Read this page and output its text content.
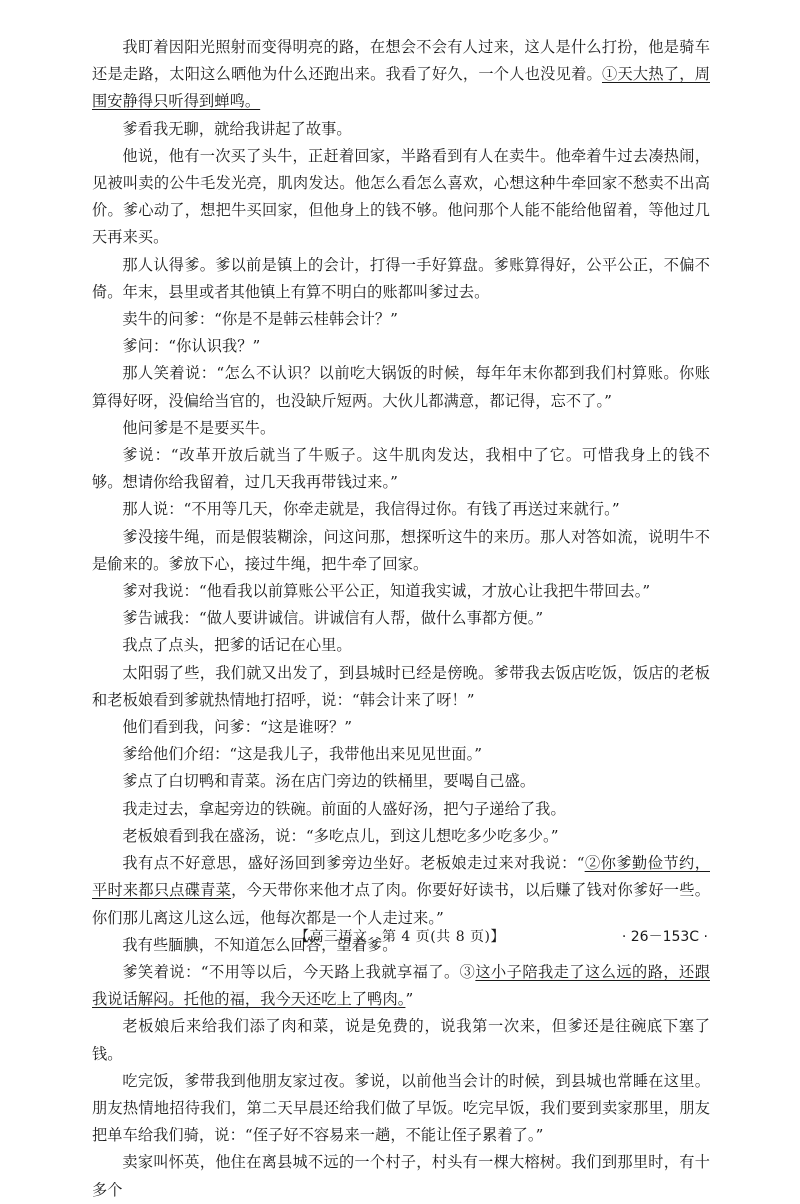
我盯着因阳光照射而变得明亮的路，在想会不会有人过来，这人是什么打扮，他是骑车还是走路，太阳这么晒他为什么还跑出来。我看了好久，一个人也没见着。①天大热了，周围安静得只听得到蝉鸣。

爹看我无聊，就给我讲起了故事。

他说，他有一次买了头牛，正赶着回家，半路看到有人在卖牛。他牵着牛过去凑热闹，见被叫卖的公牛毛发光亮，肌肉发达。他怎么看怎么喜欢，心想这种牛牵回家不愁卖不出高价。爹心动了，想把牛买回家，但他身上的钱不够。他问那个人能不能给他留着，等他过几天再来买。

那人认得爹。爹以前是镇上的会计，打得一手好算盘。爹账算得好，公平公正，不偏不倚。年末，县里或者其他镇上有算不明白的账都叫爹过去。

卖牛的问爹：“你是不是韩云桂韩会计？”

爹问：“你认识我？”

那人笑着说：“怎么不认识？以前吃大锅饭的时候，每年年末你都到我们村算账。你账算得好呀，没偏给当官的，也没缺斤短两。大伙儿都满意，都记得，忘不了。”

他问爹是不是要买牛。

爹说：“改革开放后就当了牛贩子。这牛肌肉发达，我相中了它。可惜我身上的钱不够。想请你给我留着，过几天我再带钱过来。”

那人说：“不用等几天，你牵走就是，我信得过你。有钱了再送过来就行。”

爹没接牛绳，而是假装糊涂，问这问那，想探听这牛的来历。那人对答如流，说明牛不是偷来的。爹放下心，接过牛绳，把牛牵了回家。

爹对我说：“他看我以前算账公平公正，知道我实诚，才放心让我把牛带回去。”

爹告诫我：“做人要讲诚信。讲诚信有人帮，做什么事都方便。”

我点了点头，把爹的话记在心里。

太阳弱了些，我们就又出发了，到县城时已经是傍晚。爹带我去饭店吃饭，饭店的老板和老板娘看到爹就热情地打招呼，说：“韩会计来了呀！”

他们看到我，问爹：“这是谁呀？”

爹给他们介绍：“这是我儿子，我带他出来见见世面。”

爹点了白切鸭和青菜。汤在店门旁边的铁桶里，要喝自己盛。

我走过去，拿起旁边的铁碗。前面的人盛好汤，把勺子递给了我。

老板娘看到我在盛汤，说：“多吃点儿，到这儿想吃多少吃多少。”

我有点不好意思，盛好汤回到爹旁边坐好。老板娘走过来对我说：“②你爹勤俭节约，平时来都只点碟青菜，今天带你来他才点了肉。你要好好读书，以后赚了钱对你爹好一些。你们那儿离这儿这么远，他每次都是一个人走过来。”

我有些腼腆，不知道怎么回答，望着爹。

爹笑着说：“不用等以后，今天路上我就享福了。③这小子陪我走了这么远的路，还跟我说话解闷。托他的福，我今天还吃上了鸭肉。”

老板娘后来给我们添了肉和菜，说是免费的，说我第一次来，但爹还是往碗底下塞了钱。

吃完饭，爹带我到他朋友家过夜。爹说，以前他当会计的时候，到县城也常睡在这里。朋友热情地招待我们，第二天早晨还给我们做了早饭。吃完早饭，我们要到卖家那里，朋友把单车给我们骑，说：“侄子好不容易来一趟，不能让侄子累着了。”

卖家叫怀英，他住在离县城不远的一个村子，村头有一棵大榕树。我们到那里时，有十多个

【高三语文　第 4 页(共 8 页)】	· 26－153C ·
